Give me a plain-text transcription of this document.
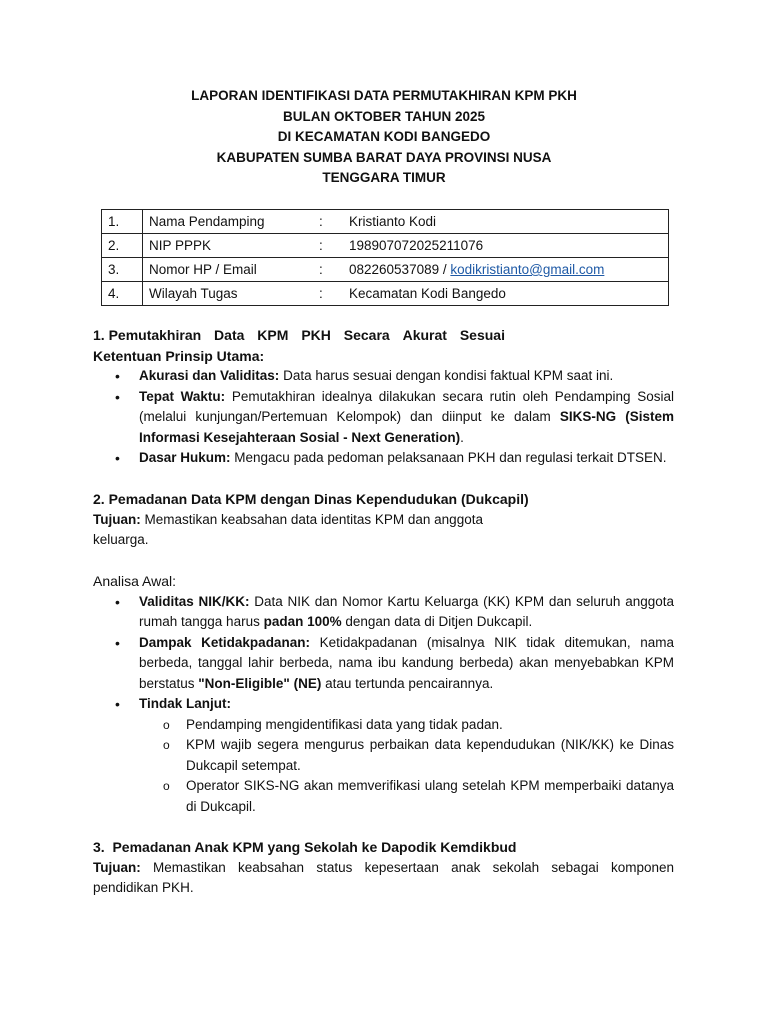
LAPORAN IDENTIFIKASI DATA PERMUTAKHIRAN KPM PKH
BULAN OKTOBER TAHUN 2025
DI KECAMATAN KODI BANGEDO
KABUPATEN SUMBA BARAT DAYA PROVINSI NUSA
TENGGARA TIMUR
1.	Nama Pendamping	:	Kristianto Kodi
2.	NIP PPPK	:	198907072025211076
3.	Nomor HP / Email	:	082260537089 / kodikristianto@gmail.com
4.	Wilayah Tugas	:	Kecamatan Kodi Bangedo
1. Pemutakhiran Data KPM PKH Secara Akurat Sesuai
Ketentuan Prinsip Utama:
• Akurasi dan Validitas: Data harus sesuai dengan kondisi faktual KPM saat ini.
• Tepat Waktu: Pemutakhiran idealnya dilakukan secara rutin oleh Pendamping Sosial (melalui kunjungan/Pertemuan Kelompok) dan diinput ke dalam SIKS-NG (Sistem Informasi Kesejahteraan Sosial - Next Generation).
• Dasar Hukum: Mengacu pada pedoman pelaksanaan PKH dan regulasi terkait DTSEN.
2. Pemadanan Data KPM dengan Dinas Kependudukan (Dukcapil)
Tujuan: Memastikan keabsahan data identitas KPM dan anggota
keluarga.
Analisa Awal:
• Validitas NIK/KK: Data NIK dan Nomor Kartu Keluarga (KK) KPM dan seluruh anggota rumah tangga harus padan 100% dengan data di Ditjen Dukcapil.
• Dampak Ketidakpadanan: Ketidakpadanan (misalnya NIK tidak ditemukan, nama berbeda, tanggal lahir berbeda, nama ibu kandung berbeda) akan menyebabkan KPM berstatus "Non-Eligible" (NE) atau tertunda pencairannya.
• Tindak Lanjut:
o Pendamping mengidentifikasi data yang tidak padan.
o KPM wajib segera mengurus perbaikan data kependudukan (NIK/KK) ke Dinas Dukcapil setempat.
o Operator SIKS-NG akan memverifikasi ulang setelah KPM memperbaiki datanya di Dukcapil.
3.  Pemadanan Anak KPM yang Sekolah ke Dapodik Kemdikbud
Tujuan: Memastikan keabsahan status kepesertaan anak sekolah sebagai komponen pendidikan PKH.
